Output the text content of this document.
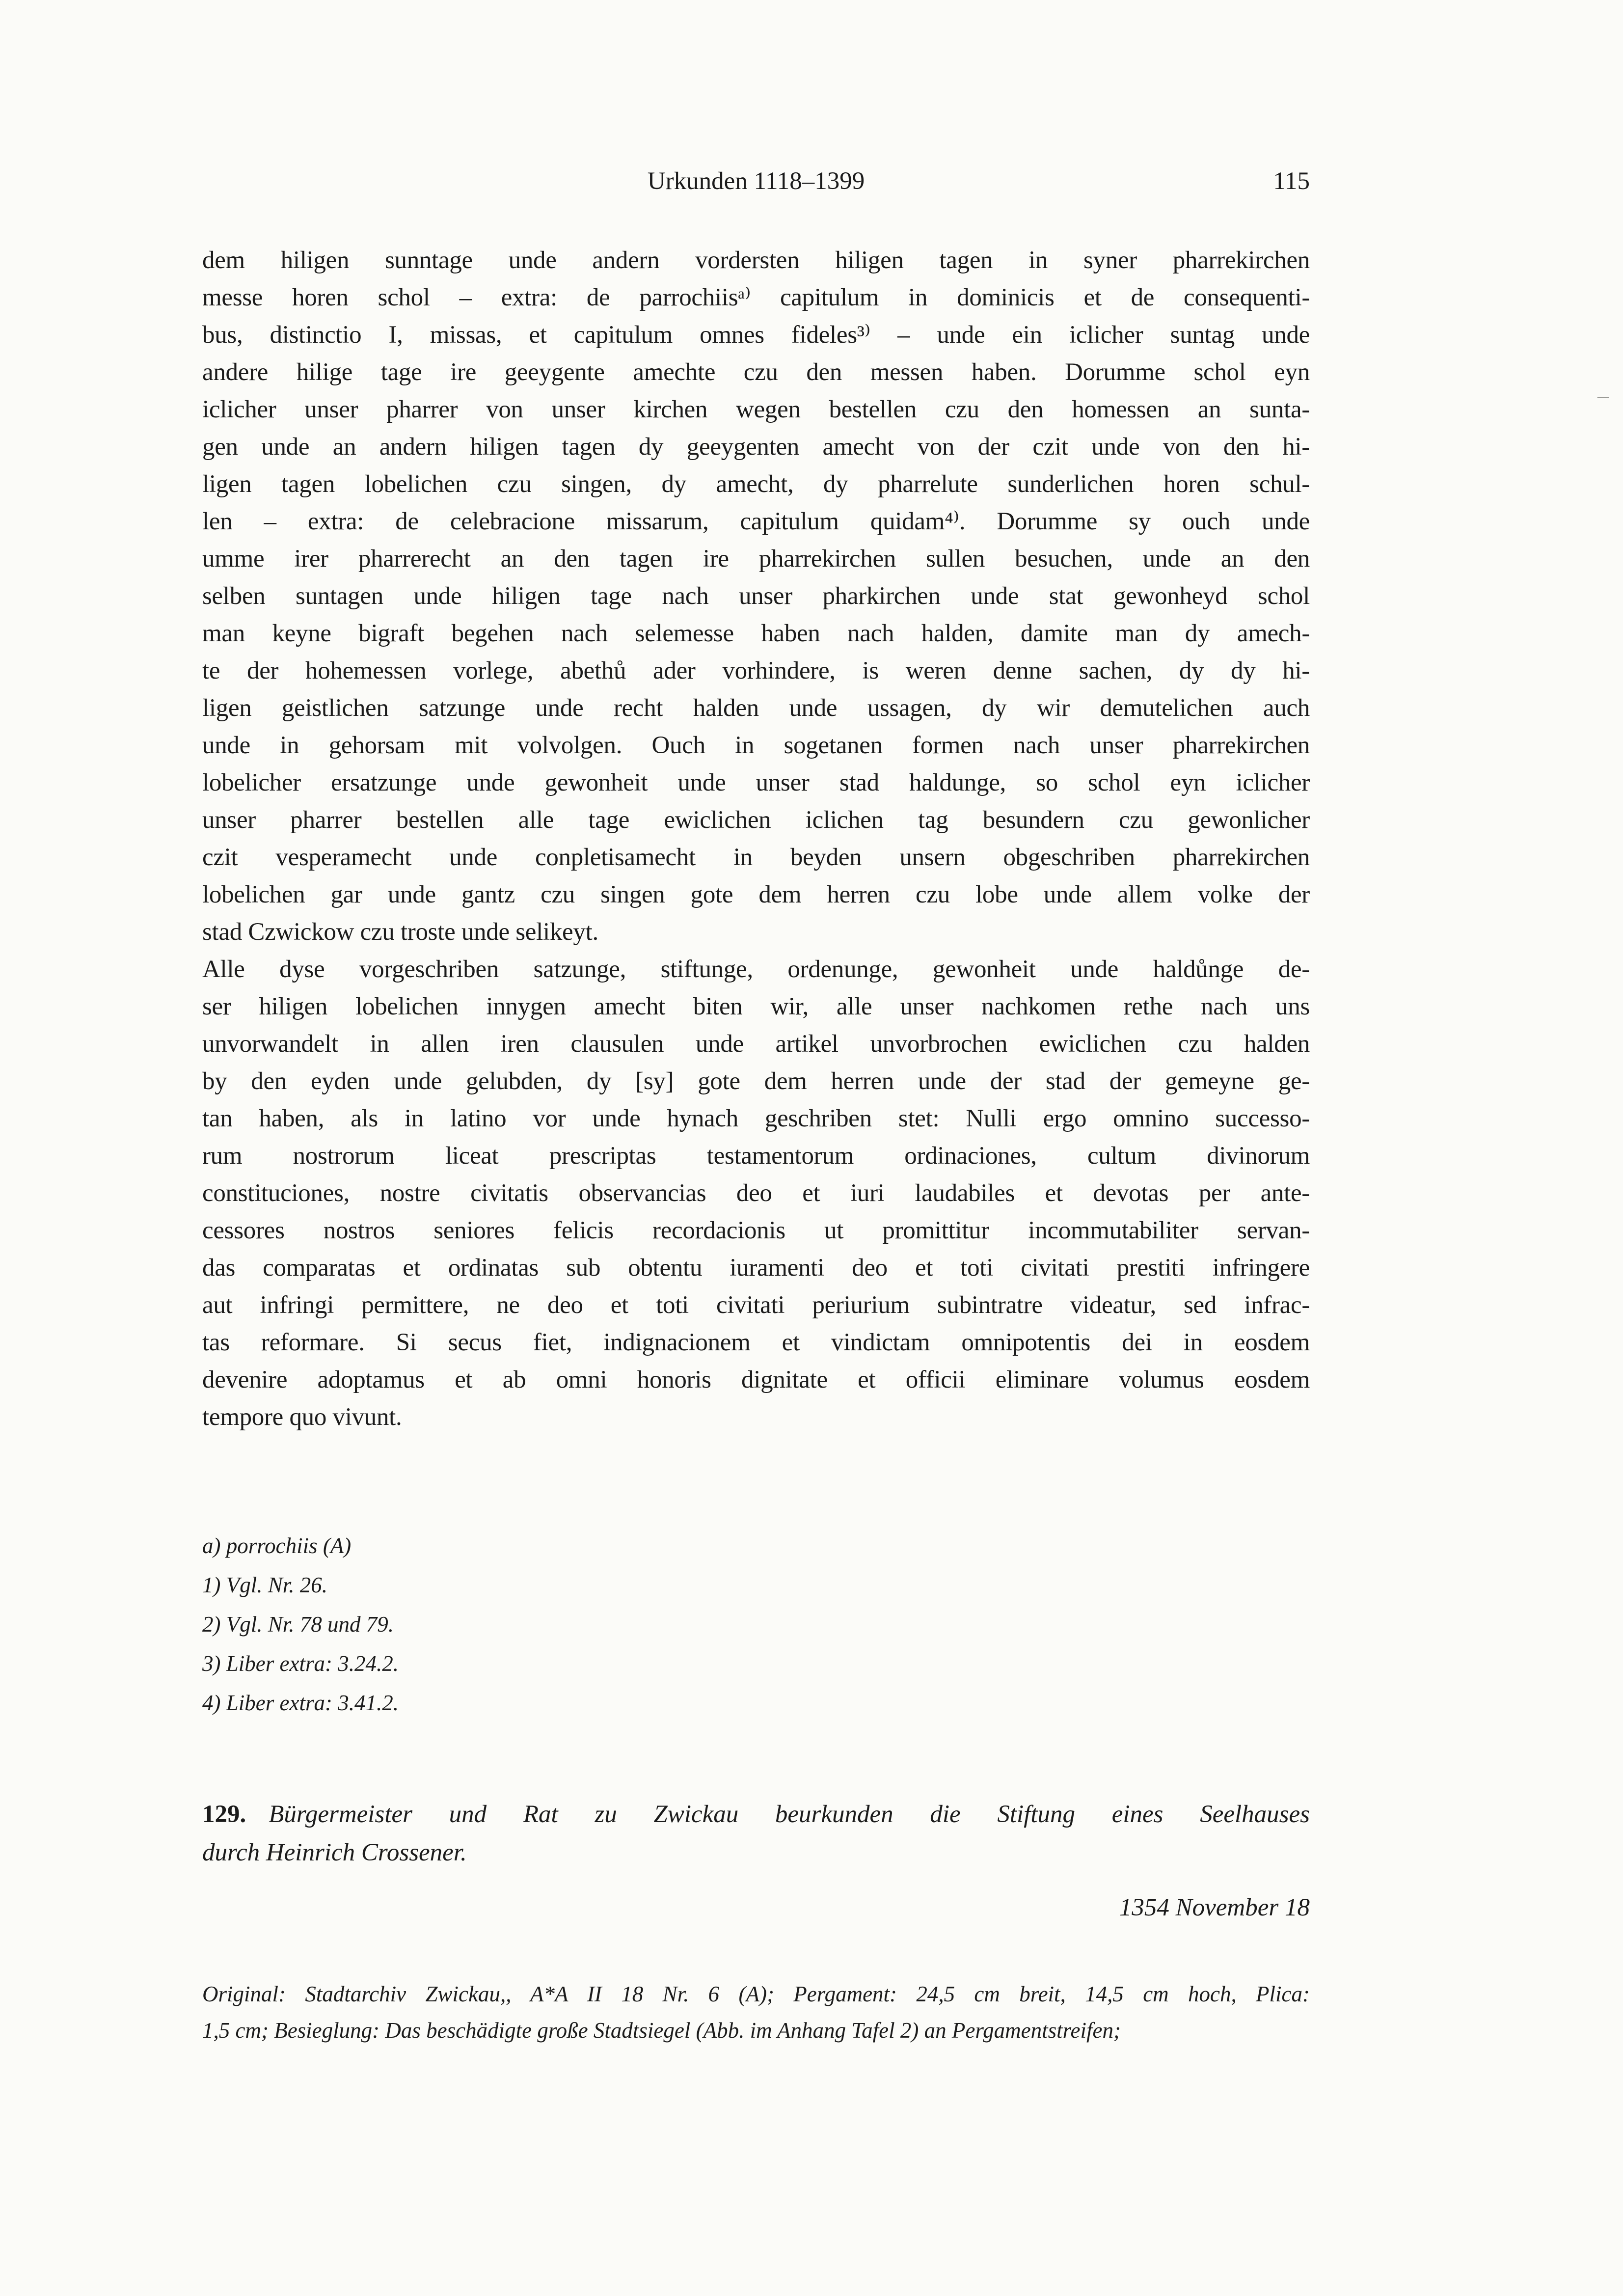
Urkunden 1118–1399	115
dem hiligen sunntage unde andern vordersten hiligen tagen in syner pharrekirchen
messe horen schol – extra: de parrochiisᵃ⁾ capitulum in dominicis et de consequenti-
bus, distinctio I, missas, et capitulum omnes fideles³⁾ – unde ein iclicher suntag unde
andere hilige tage ire geeygente amechte czu den messen haben. Dorumme schol eyn
iclicher unser pharrer von unser kirchen wegen bestellen czu den homessen an sunta-
gen unde an andern hiligen tagen dy geeygenten amecht von der czit unde von den hi-
ligen tagen lobelichen czu singen, dy amecht, dy pharrelute sunderlichen horen schul-
len – extra: de celebracione missarum, capitulum quidam⁴⁾. Dorumme sy ouch unde
umme irer pharrerecht an den tagen ire pharrekirchen sullen besuchen, unde an den
selben suntagen unde hiligen tage nach unser pharkirchen unde stat gewonheyd schol
man keyne bigraft begehen nach selemesse haben nach halden, damite man dy amech-
te der hohemessen vorlege, abethů ader vorhindere, is weren denne sachen, dy dy hi-
ligen geistlichen satzunge unde recht halden unde ussagen, dy wir demutelichen auch
unde in gehorsam mit volvolgen. Ouch in sogetanen formen nach unser pharrekirchen
lobelicher ersatzunge unde gewonheit unde unser stad haldunge, so schol eyn iclicher
unser pharrer bestellen alle tage ewiclichen iclichen tag besundern czu gewonlicher
czit vesperamecht unde conpletisamecht in beyden unsern obgeschriben pharrekirchen
lobelichen gar unde gantz czu singen gote dem herren czu lobe unde allem volke der
stad Czwickow czu troste unde selikeyt.
Alle dyse vorgeschriben satzunge, stiftunge, ordenunge, gewonheit unde haldůnge de-
ser hiligen lobelichen innygen amecht biten wir, alle unser nachkomen rethe nach uns
unvorwandelt in allen iren clausulen unde artikel unvorbrochen ewiclichen czu halden
by den eyden unde gelubden, dy [sy] gote dem herren unde der stad der gemeyne ge-
tan haben, als in latino vor unde hynach geschriben stet: Nulli ergo omnino successo-
rum nostrorum liceat prescriptas testamentorum ordinaciones, cultum divinorum
constituciones, nostre civitatis observancias deo et iuri laudabiles et devotas per ante-
cessores nostros seniores felicis recordacionis ut promittitur incommutabiliter servan-
das comparatas et ordinatas sub obtentu iuramenti deo et toti civitati prestiti infringere
aut infringi permittere, ne deo et toti civitati periurium subintratre videatur, sed infrac-
tas reformare. Si secus fiet, indignacionem et vindictam omnipotentis dei in eosdem
devenire adoptamus et ab omni honoris dignitate et officii eliminare volumus eosdem
tempore quo vivunt.
a) porrochiis (A)
1) Vgl. Nr. 26.
2) Vgl. Nr. 78 und 79.
3) Liber extra: 3.24.2.
4) Liber extra: 3.41.2.
129. Bürgermeister und Rat zu Zwickau beurkunden die Stiftung eines Seelhauses
durch Heinrich Crossener.
1354 November 18
Original: Stadtarchiv Zwickau,, A*A II 18 Nr. 6 (A); Pergament: 24,5 cm breit, 14,5 cm hoch, Plica:
1,5 cm; Besieglung: Das beschädigte große Stadtsiegel (Abb. im Anhang Tafel 2) an Pergamentstreifen;
–
